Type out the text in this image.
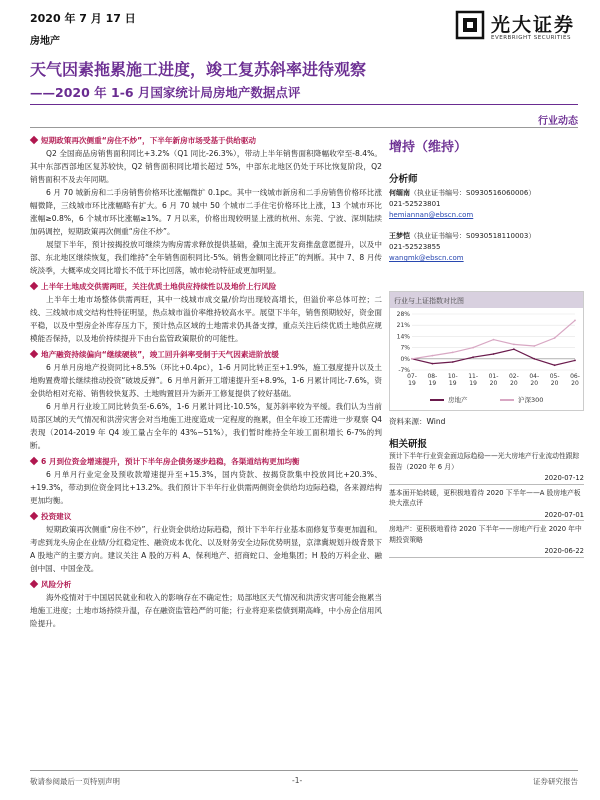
2020 年 7 月 17 日
房地产
光大证券
EVERBRIGHT SECURITIES
天气因素拖累施工进度，竣工复苏斜率进待观察
——2020 年 1-6 月国家统计局房地产数据点评
行业动态
短期政策再次侧重“房住不炒”，下半年新房市场受基于供给驱动
Q2 全国商品房销售面积同比+3.2%（Q1 同比-26.3%），带动上半年销售面积降幅收窄至-8.4%。其中东部西部地区复苏较快，Q2 销售面积同比增长超过 5%，中部东北地区仍处于环比恢复阶段，Q2 销售面积不及去年同期。
6 月 70 城新房和二手房销售价格环比涨幅微扩 0.1pc。其中一线城市新房和二手房销售价格环比涨幅微降，三线城市环比涨幅略有扩大。6 月 70 城中 50 个城市二手住宅价格环比上涨，13 个城市环比涨幅≥0.8%，6 个城市环比涨幅≥1%。7 月以来，价格出现较明显上涨的杭州、东莞、宁波、深圳陆续加码调控，短期政策再次侧重“房住不炒”。
展望下半年，预计按揭投放可继续为购房需求释放提供基础，叠加主流开发商推盘意愿提升，以及中部、东北地区继续恢复，我们维持“全年销售面积同比-5%。销售金额同比持正”的判断。其中 7、8 月传统淡季，大概率成交同比增长不低于环比回落，城市轮动特征或更加明显。
上半年土地成交供需两旺，关注优质土地供应持续性以及地价上行风险
上半年土地市场整体供需两旺，其中一线城市成交量/价均出现较高增长，但溢价率总体可控；二线、三线城市成交结构性特征明显，热点城市溢价率维持较高水平。展望下半年，销售预期较好，资金面平稳，以及中型房企补库存压力下，预计热点区域的土地需求仍具备支撑，重点关注后续优质土地供应规模能否保持，以及地价持续提升下由台监管政策限价的可能性。
地产融资持续偏向“继续硬核”，竣工回升斜率受制于天气因素进阶放缓
6 月单月房地产投资同比+8.5%（环比+0.4pc），1-6 月同比转正至+1.9%，施工强度提升以及土地购置费增长继续推动投资“破坡反弹”。6 月单月新开工增速提升至+8.9%，1-6 月累计同比-7.6%，资金供给相对充裕、销售较快复苏、土地购置回升为新开工修复提供了较好基础。
6 月单月行业竣工同比转负至-6.6%，1-6 月累计同比-10.5%，复苏斜率较为平缓。我们认为当前局部区域的天气情况和洪涝灾害会对当地施工进度造成一定程度的拖累，但全年竣工还需进一步观察 Q4 表现（2014-2019 年 Q4 竣工量占全年的 43%~51%），我们暂时维持全年竣工面积增长 6-7%的判断。
6 月到位资金增速提升，预计下半年房企债务逐步趋稳，各渠道结构更加均衡
6 月单月行业定金及预收款增速提升至+15.3%，国内贷款、按揭贷款集中投放同比+20.3%、+19.3%，带动到位资金同比+13.2%。我们预计下半年行业供需两侧资金供给均边际趋稳，各来源结构更加均衡。
投资建议
短期政策再次侧重“房住不炒”，行业资金供给边际趋稳，预计下半年行业基本面修复节奏更加温和。考虑到龙头房企在业绩/分红稳定性、融资成本优化、以及财务安全边际优势明显，京津冀规划升级背景下 A 股地产的主要方向。建议关注 A 股的万科 A、保利地产、招商蛇口、金地集团；H 股的万科企业、融创中国、中国金茂。
风险分析
海外疫情对于中国居民就业和收入的影响存在不确定性；局部地区天气情况和洪涝灾害可能会拖累当地施工进度；土地市场持续升温，存在融资监管趋严的可能；行业将迎来偿债到期高峰，中小房企信用风险提升。
增持（维持）
分析师
何缅南（执业证书编号：S0930516060006）
021-52523801
hemiannan@ebscn.com
王梦恺（执业证书编号：S0930518110003）
021-52523855
wangmk@ebscn.com
行业与上证指数对比图
-7%
0%
7%
14%
21%
28%
07-
19
08-
19
10-
19
11-
19
01-
20
02-
20
04-
20
05-
20
06-
20
房地产	沪深300
资料来源：Wind
相关研报
预计下半年行业资金面边际趋稳——光大房地产行业流动性跟踪报告（2020 年 6 月）
2020-07-12
基本面开始转暖，更积极地看待 2020 下半年——A 股房地产板块大涨点评
2020-07-01
房地产：更积极地看待 2020 下半年——房地产行业 2020 年中期投资策略
2020-06-22
敬请参阅最后一页特别声明	-1-	证券研究报告
